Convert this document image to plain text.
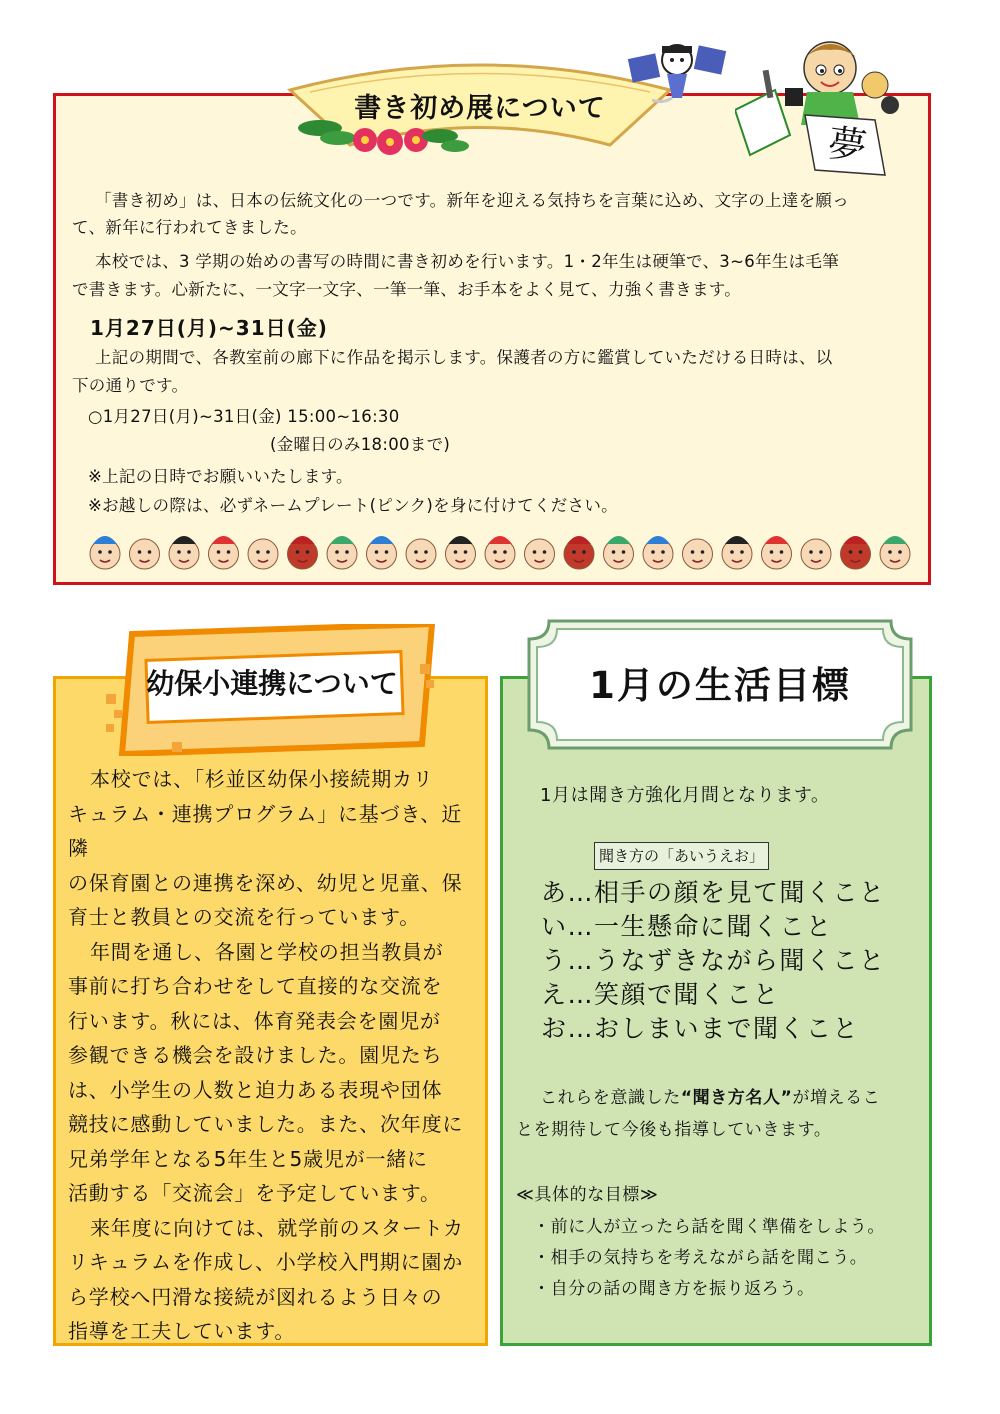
書き初め展について
夢
「書き初め」は、日本の伝統文化の一つです。新年を迎える気持ちを言葉に込め、文字の上達を願っ
て、新年に行われてきました。
本校では、3 学期の始めの書写の時間に書き初めを行います。1・2年生は硬筆で、3~6年生は毛筆
で書きます。心新たに、一文字一文字、一筆一筆、お手本をよく見て、力強く書きます。
1月27日(月)~31日(金)
上記の期間で、各教室前の廊下に作品を掲示します。保護者の方に鑑賞していただける日時は、以
下の通りです。
○1月27日(月)~31日(金) 15:00~16:30
(金曜日のみ18:00まで)
※上記の日時でお願いいたします。
※お越しの際は、必ずネームプレート(ピンク)を身に付けてください。
幼保小連携について
本校では、「杉並区幼保小接続期カリ
キュラム・連携プログラム」に基づき、近隣
の保育園との連携を深め、幼児と児童、保
育士と教員との交流を行っています。
年間を通し、各園と学校の担当教員が
事前に打ち合わせをして直接的な交流を
行います。秋には、体育発表会を園児が
参観できる機会を設けました。園児たち
は、小学生の人数と迫力ある表現や団体
競技に感動していました。また、次年度に
兄弟学年となる5年生と5歳児が一緒に
活動する「交流会」を予定しています。
来年度に向けては、就学前のスタートカ
リキュラムを作成し、小学校入門期に園か
ら学校へ円滑な接続が図れるよう日々の
指導を工夫しています。
1月の生活目標
1月は聞き方強化月間となります。
聞き方の「あいうえお」
あ…相手の顔を見て聞くこと
い…一生懸命に聞くこと
う…うなずきながら聞くこと
え…笑顔で聞くこと
お…おしまいまで聞くこと
これらを意識した“聞き方名人”が増えるこ
とを期待して今後も指導していきます。
≪具体的な目標≫
・前に人が立ったら話を聞く準備をしよう。
・相手の気持ちを考えながら話を聞こう。
・自分の話の聞き方を振り返ろう。
